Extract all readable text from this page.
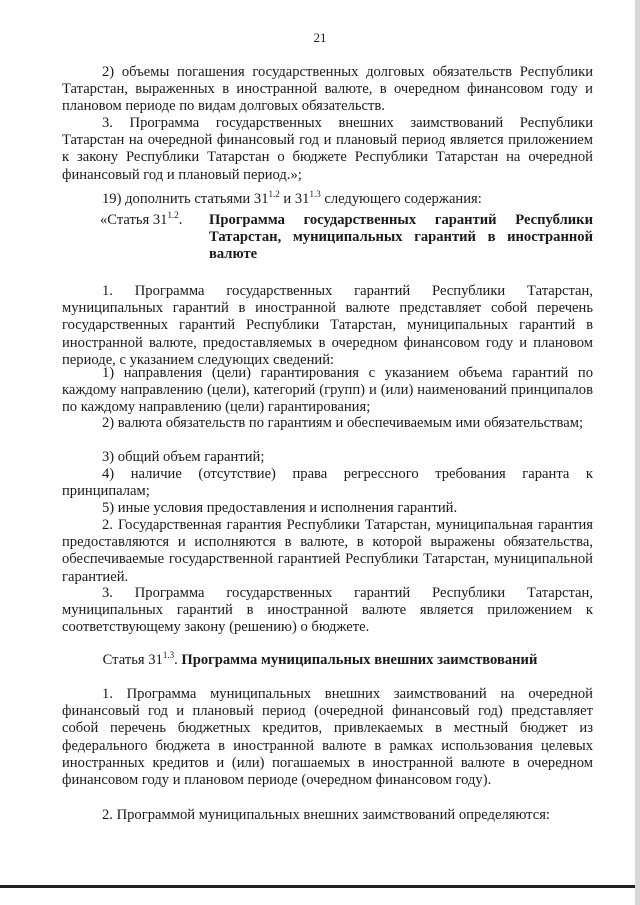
21

2) объемы погашения государственных долговых обязательств Республики Татарстан, выраженных в иностранной валюте, в очередном финансовом году и плановом периоде по видам долговых обязательств.

3. Программа государственных внешних заимствований Республики Татарстан на очередной финансовый год и плановый период является приложением к закону Республики Татарстан о бюджете Республики Татарстан на очередной финансовый год и плановый период.»;

19) дополнить статьями $31^{1.2}$ и $31^{1.3}$ следующего содержания:

«Статья $31^{1.2}$. Программа государственных гарантий Республики Татарстан, муниципальных гарантий в иностранной валюте

1. Программа государственных гарантий Республики Татарстан, муниципальных гарантий в иностранной валюте представляет собой перечень государственных гарантий Республики Татарстан, муниципальных гарантий в иностранной валюте, предоставляемых в очередном финансовом году и плановом периоде, с указанием следующих сведений:

1) направления (цели) гарантирования с указанием объема гарантий по каждому направлению (цели), категорий (групп) и (или) наименований принципалов по каждому направлению (цели) гарантирования;

2) валюта обязательств по гарантиям и обеспечиваемым ими обязательствам;

3) общий объем гарантий;

4) наличие (отсутствие) права регрессного требования гаранта к принципалам;

5) иные условия предоставления и исполнения гарантий.

2. Государственная гарантия Республики Татарстан, муниципальная гарантия предоставляются и исполняются в валюте, в которой выражены обязательства, обеспечиваемые государственной гарантией Республики Татарстан, муниципальной гарантией.

3. Программа государственных гарантий Республики Татарстан, муниципальных гарантий в иностранной валюте является приложением к соответствующему закону (решению) о бюджете.

Статья $31^{1.3}$. Программа муниципальных внешних заимствований

1. Программа муниципальных внешних заимствований на очередной финансовый год и плановый период (очередной финансовый год) представляет собой перечень бюджетных кредитов, привлекаемых в местный бюджет из федерального бюджета в иностранной валюте в рамках использования целевых иностранных кредитов и (или) погашаемых в иностранной валюте в очередном финансовом году и плановом периоде (очередном финансовом году).

2. Программой муниципальных внешних заимствований определяются:
